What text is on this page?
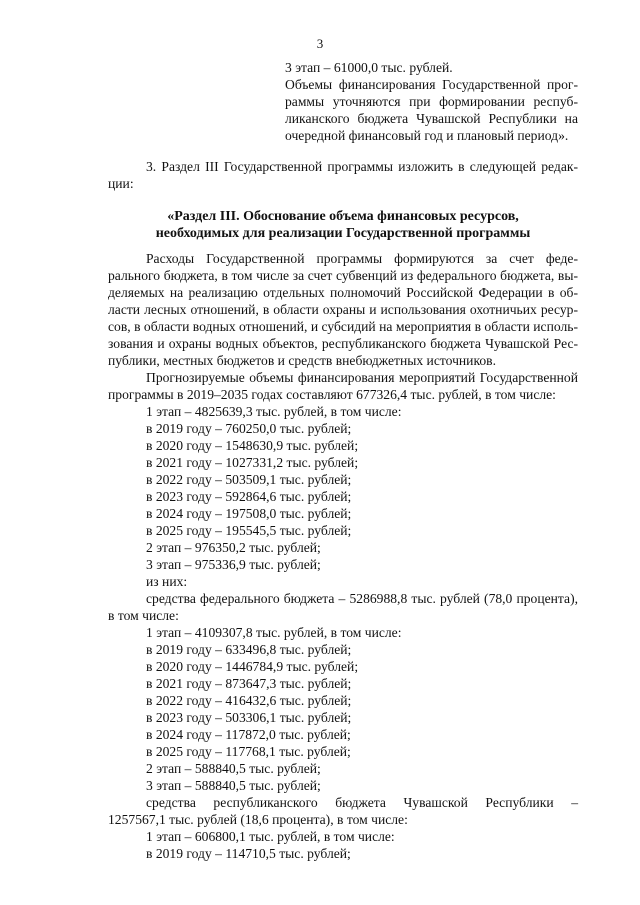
3
3 этап – 61000,0 тыс. рублей.
Объемы финансирования Государственной прог-
раммы уточняются при формировании респуб-
ликанского бюджета Чувашской Республики на
очередной финансовый год и плановый период».
3. Раздел III Государственной программы изложить в следующей редак-
ции:
«Раздел III. Обоснование объема финансовых ресурсов,
необходимых для реализации Государственной программы
Расходы Государственной программы формируются за счет феде-
рального бюджета, в том числе за счет субвенций из федерального бюджета, вы-
деляемых на реализацию отдельных полномочий Российской Федерации в об-
ласти лесных отношений, в области охраны и использования охотничьих ресур-
сов, в области водных отношений, и субсидий на мероприятия в области исполь-
зования и охраны водных объектов, республиканского бюджета Чувашской Рес-
публики, местных бюджетов и средств внебюджетных источников.
Прогнозируемые объемы финансирования мероприятий Государственной
программы в 2019–2035 годах составляют 677326,4 тыс. рублей, в том числе:
1 этап – 4825639,3 тыс. рублей, в том числе:
в 2019 году – 760250,0 тыс. рублей;
в 2020 году – 1548630,9 тыс. рублей;
в 2021 году – 1027331,2 тыс. рублей;
в 2022 году – 503509,1 тыс. рублей;
в 2023 году – 592864,6 тыс. рублей;
в 2024 году – 197508,0 тыс. рублей;
в 2025 году – 195545,5 тыс. рублей;
2 этап – 976350,2 тыс. рублей;
3 этап – 975336,9 тыс. рублей;
из них:
средства федерального бюджета – 5286988,8 тыс. рублей (78,0 процента),
в том числе:
1 этап – 4109307,8 тыс. рублей, в том числе:
в 2019 году – 633496,8 тыс. рублей;
в 2020 году – 1446784,9 тыс. рублей;
в 2021 году – 873647,3 тыс. рублей;
в 2022 году – 416432,6 тыс. рублей;
в 2023 году – 503306,1 тыс. рублей;
в 2024 году – 117872,0 тыс. рублей;
в 2025 году – 117768,1 тыс. рублей;
2 этап – 588840,5 тыс. рублей;
3 этап – 588840,5 тыс. рублей;
средства республиканского бюджета Чувашской Республики –
1257567,1 тыс. рублей (18,6 процента), в том числе:
1 этап – 606800,1 тыс. рублей, в том числе:
в 2019 году – 114710,5 тыс. рублей;
